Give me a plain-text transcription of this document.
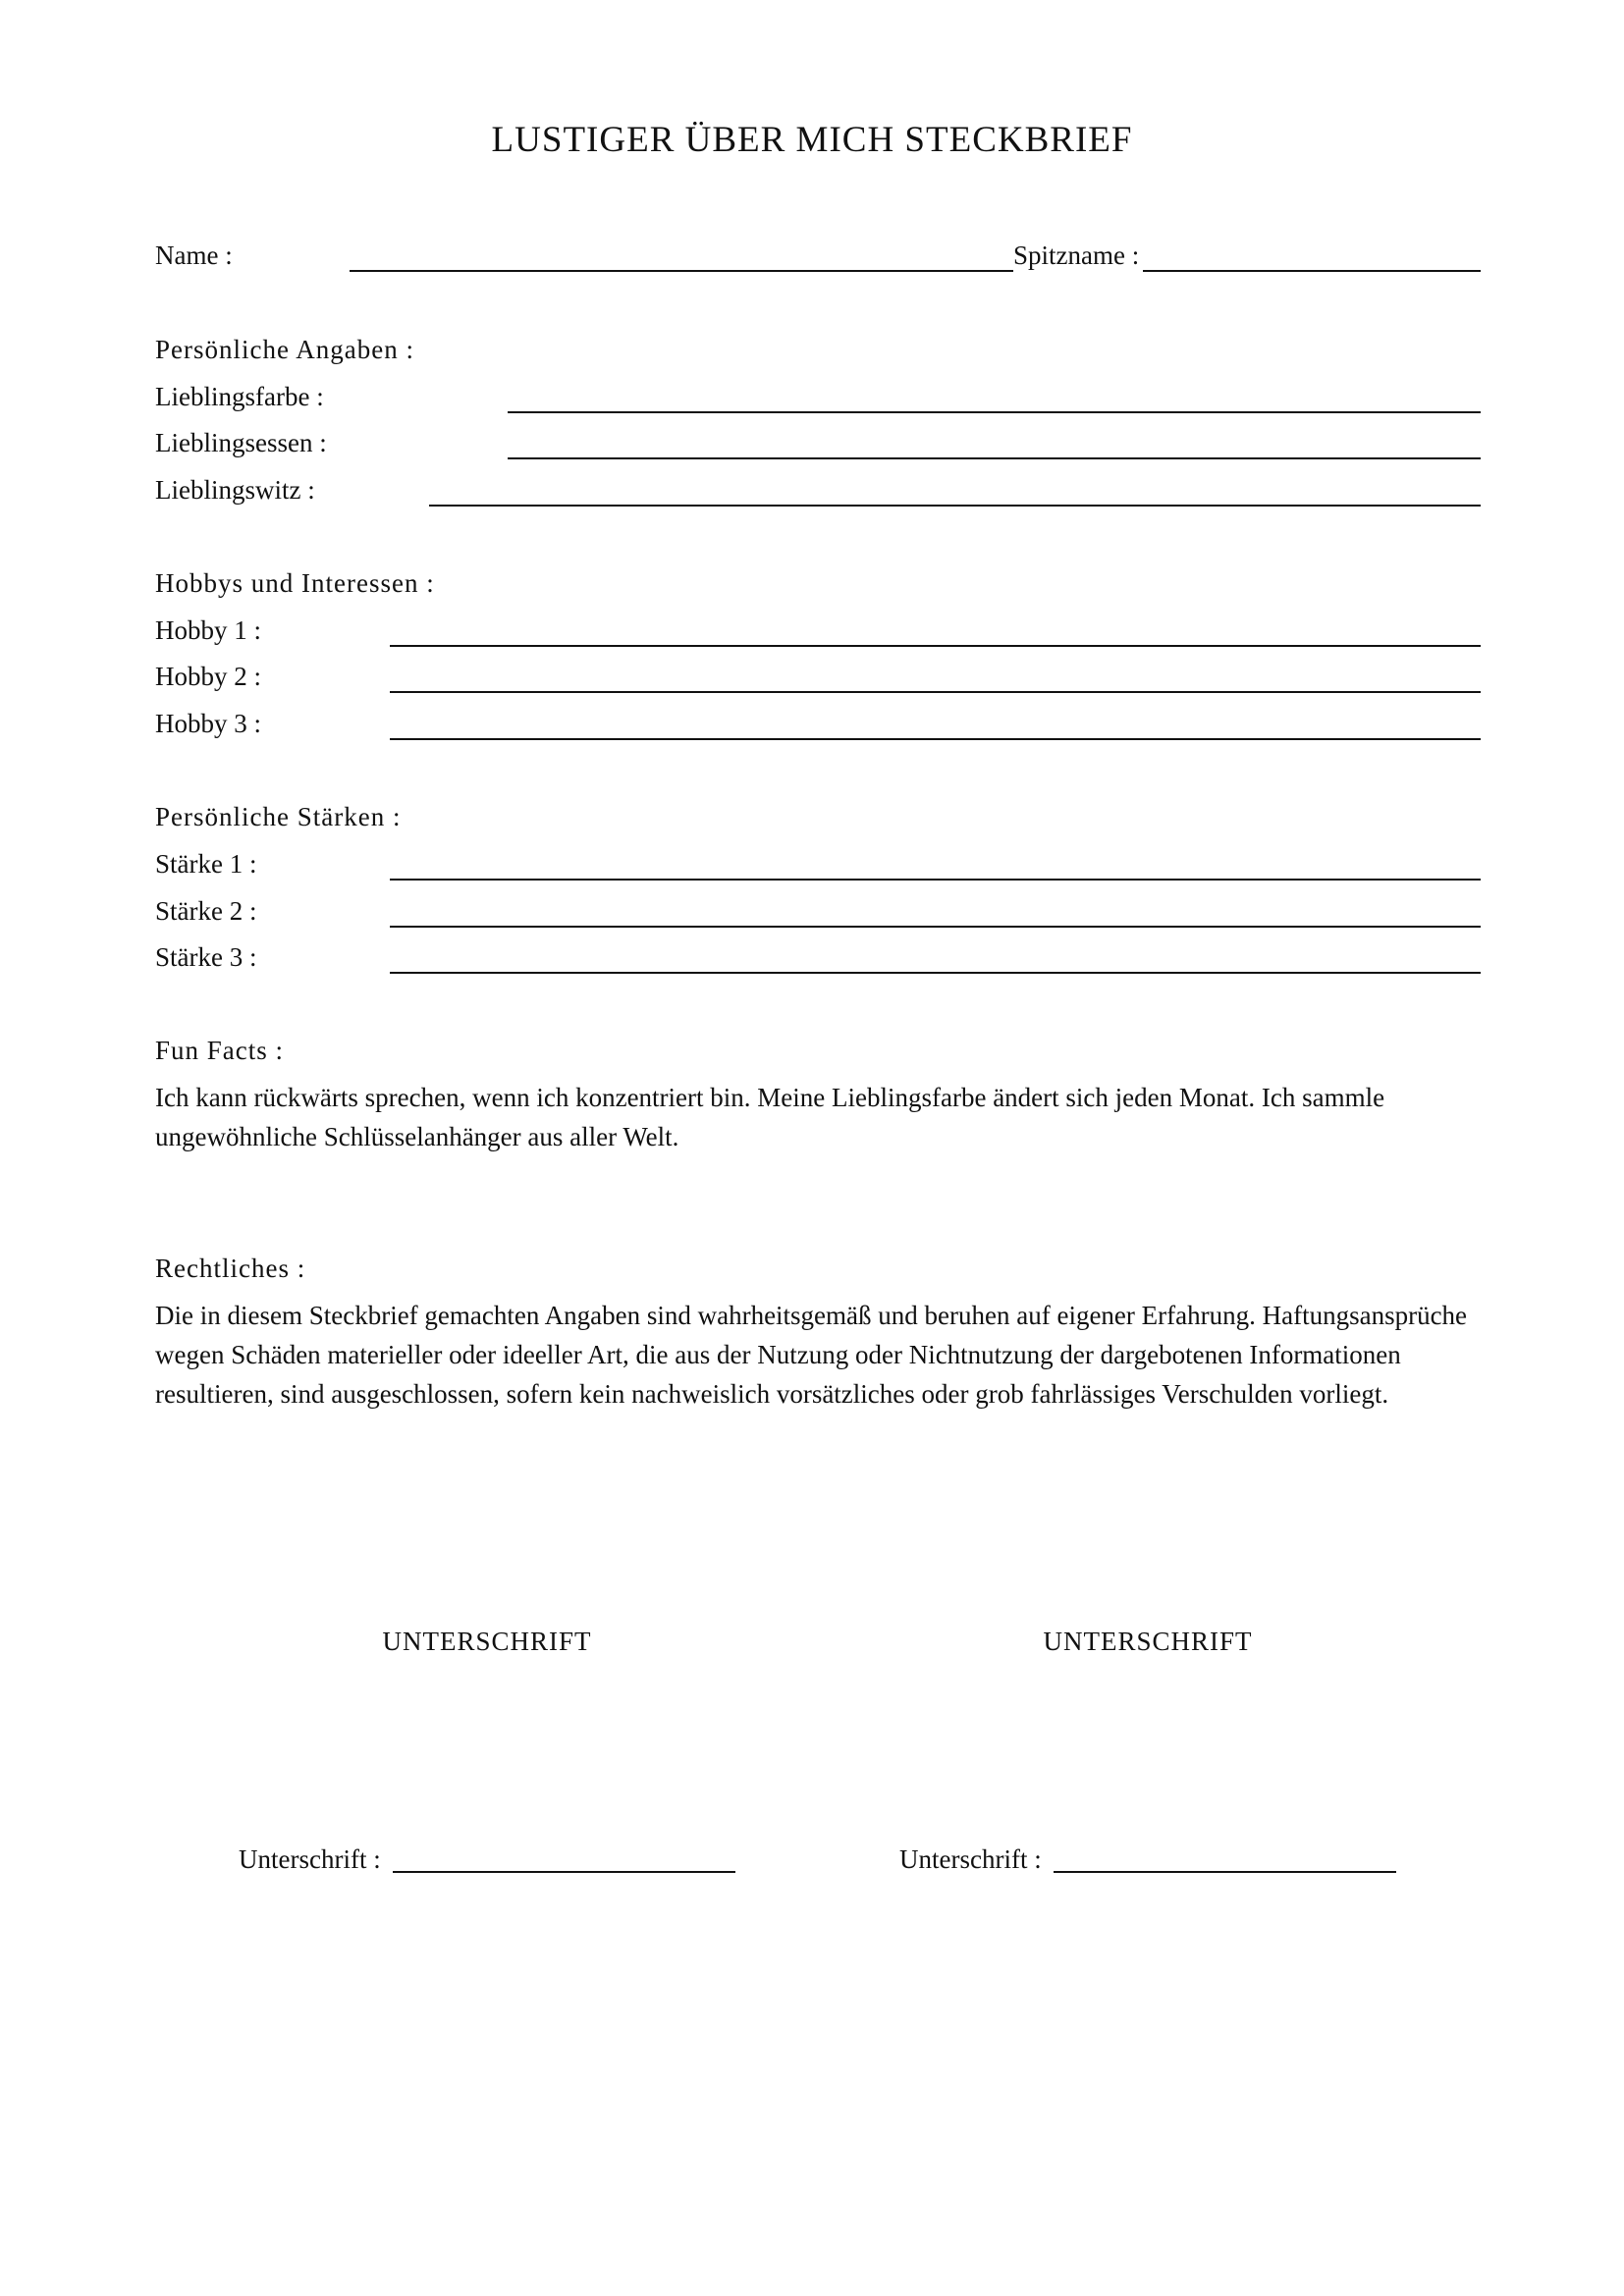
LUSTIGER ÜBER MICH STECKBRIEF
Name :	Spitzname :
Persönliche Angaben :
Lieblingsfarbe :
Lieblingsessen :
Lieblingswitz :
Hobbys und Interessen :
Hobby 1 :
Hobby 2 :
Hobby 3 :
Persönliche Stärken :
Stärke 1 :
Stärke 2 :
Stärke 3 :
Fun Facts :
Ich kann rückwärts sprechen, wenn ich konzentriert bin. Meine Lieblingsfarbe ändert sich jeden Monat. Ich sammle ungewöhnliche Schlüsselanhänger aus aller Welt.
Rechtliches :
Die in diesem Steckbrief gemachten Angaben sind wahrheitsgemäß und beruhen auf eigener Erfahrung. Haftungsansprüche wegen Schäden materieller oder ideeller Art, die aus der Nutzung oder Nichtnutzung der dargebotenen Informationen resultieren, sind ausgeschlossen, sofern kein nachweislich vorsätzliches oder grob fahrlässiges Verschulden vorliegt.
UNTERSCHRIFT	UNTERSCHRIFT
Unterschrift :	Unterschrift :
